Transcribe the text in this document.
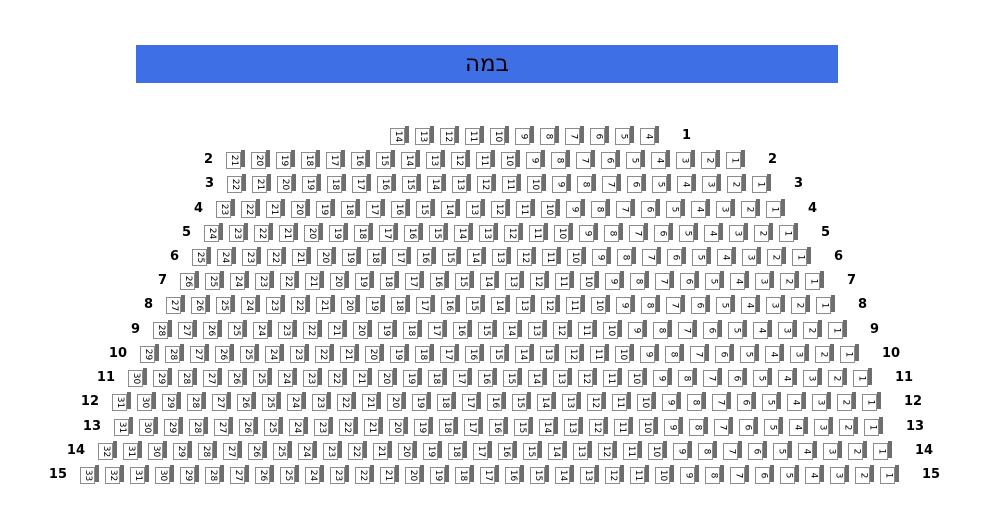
במה
14 13 12 11 10 9 8 7 6 5 4 1
2 21 20 19 18 17 16 15 14 13 12 11 10 9 8 7 6 5 4 3 2 1 2
3 22 21 20 19 18 17 16 15 14 13 12 11 10 9 8 7 6 5 4 3 2 1 3
4 23 22 21 20 19 18 17 16 15 14 13 12 11 10 9 8 7 6 5 4 3 2 1 4
5 24 23 22 21 20 19 18 17 16 15 14 13 12 11 10 9 8 7 6 5 4 3 2 1 5
6 25 24 23 22 21 20 19 18 17 16 15 14 13 12 11 10 9 8 7 6 5 4 3 2 1 6
7 26 25 24 23 22 21 20 19 18 17 16 15 14 13 12 11 10 9 8 7 6 5 4 3 2 1 7
8 27 26 25 24 23 22 21 20 19 18 17 16 15 14 13 12 11 10 9 8 7 6 5 4 3 2 1 8
9 28 27 26 25 24 23 22 21 20 19 18 17 16 15 14 13 12 11 10 9 8 7 6 5 4 3 2 1 9
10 29 28 27 26 25 24 23 22 21 20 19 18 17 16 15 14 13 12 11 10 9 8 7 6 5 4 3 2 1 10
11 30 29 28 27 26 25 24 23 22 21 20 19 18 17 16 15 14 13 12 11 10 9 8 7 6 5 4 3 2 1 11
12 31 30 29 28 27 26 25 24 23 22 21 20 19 18 17 16 15 14 13 12 11 10 9 8 7 6 5 4 3 2 1 12
13 31 30 29 28 27 26 25 24 23 22 21 20 19 18 17 16 15 14 13 12 11 10 9 8 7 6 5 4 3 2 1 13
14 32 31 30 29 28 27 26 25 24 23 22 21 20 19 18 17 16 15 14 13 12 11 10 9 8 7 6 5 4 3 2 1 14
15 33 32 31 30 29 28 27 26 25 24 23 22 21 20 19 18 17 16 15 14 13 12 11 10 9 8 7 6 5 4 3 2 1 15
